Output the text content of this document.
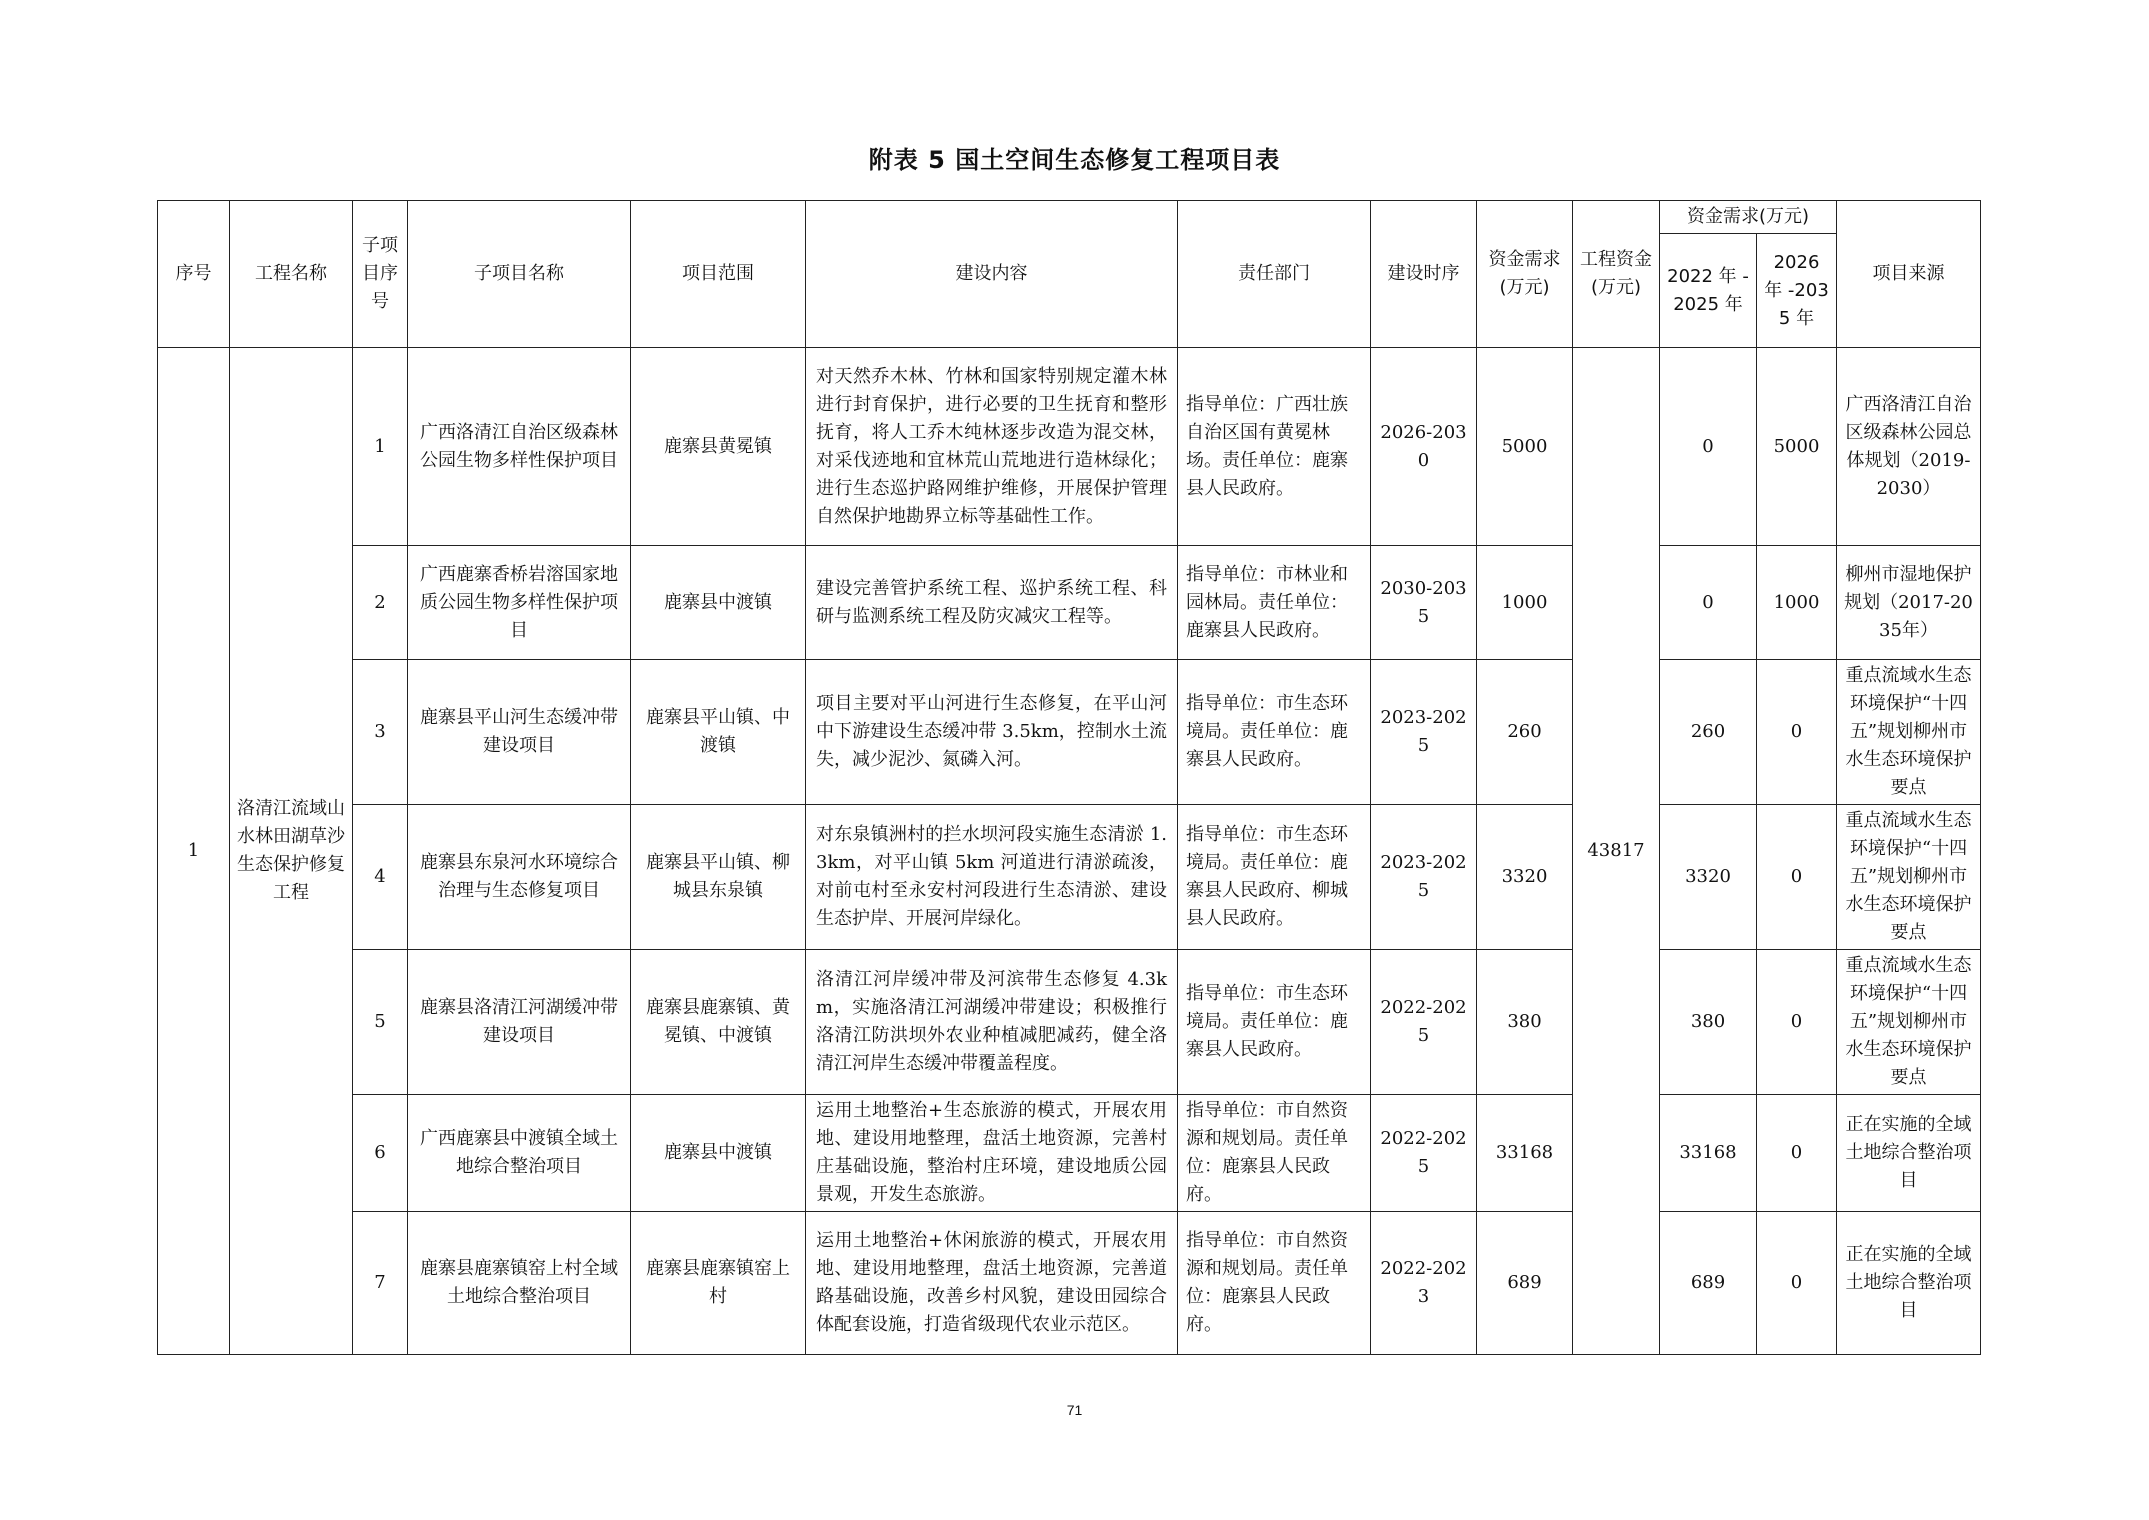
附表 5 国土空间生态修复工程项目表
序号	工程名称	子项目序号	子项目名称	项目范围	建设内容	责任部门	建设时序	资金需求(万元)	工程资金(万元)	资金需求(万元)		项目来源
										2022 年 -2025 年	2026 年 -2035 年	
1	洛清江流域山水林田湖草沙生态保护修复工程	1	广西洛清江自治区级森林公园生物多样性保护项目	鹿寨县黄冕镇	对天然乔木林、竹林和国家特别规定灌木林进行封育保护，进行必要的卫生抚育和整形抚育，将人工乔木纯林逐步改造为混交林，对采伐迹地和宜林荒山荒地进行造林绿化；进行生态巡护路网维护维修，开展保护管理自然保护地勘界立标等基础性工作。	指导单位：广西壮族自治区国有黄冕林场。责任单位：鹿寨县人民政府。	2026-2030	5000	43817	0	5000	广西洛清江自治区级森林公园总体规划（2019-2030）
		2	广西鹿寨香桥岩溶国家地质公园生物多样性保护项目	鹿寨县中渡镇	建设完善管护系统工程、巡护系统工程、科研与监测系统工程及防灾减灾工程等。	指导单位：市林业和园林局。责任单位：鹿寨县人民政府。	2030-2035	1000		0	1000	柳州市湿地保护规划（2017-2035年）
		3	鹿寨县平山河生态缓冲带建设项目	鹿寨县平山镇、中渡镇	项目主要对平山河进行生态修复，在平山河中下游建设生态缓冲带 3.5km，控制水土流失，减少泥沙、氮磷入河。	指导单位：市生态环境局。责任单位：鹿寨县人民政府。	2023-2025	260		260	0	重点流域水生态环境保护“十四五”规划柳州市水生态环境保护要点
		4	鹿寨县东泉河水环境综合治理与生态修复项目	鹿寨县平山镇、柳城县东泉镇	对东泉镇洲村的拦水坝河段实施生态清淤 1.3km，对平山镇 5km 河道进行清淤疏浚，对前屯村至永安村河段进行生态清淤、建设生态护岸、开展河岸绿化。	指导单位：市生态环境局。责任单位：鹿寨县人民政府、柳城县人民政府。	2023-2025	3320		3320	0	重点流域水生态环境保护“十四五”规划柳州市水生态环境保护要点
		5	鹿寨县洛清江河湖缓冲带建设项目	鹿寨县鹿寨镇、黄冕镇、中渡镇	洛清江河岸缓冲带及河滨带生态修复 4.3km，实施洛清江河湖缓冲带建设；积极推行洛清江防洪坝外农业种植减肥减药，健全洛清江河岸生态缓冲带覆盖程度。	指导单位：市生态环境局。责任单位：鹿寨县人民政府。	2022-2025	380		380	0	重点流域水生态环境保护“十四五”规划柳州市水生态环境保护要点
		6	广西鹿寨县中渡镇全域土地综合整治项目	鹿寨县中渡镇	运用土地整治+生态旅游的模式，开展农用地、建设用地整理，盘活土地资源，完善村庄基础设施，整治村庄环境，建设地质公园景观，开发生态旅游。	指导单位：市自然资源和规划局。责任单位：鹿寨县人民政府。	2022-2025	33168		33168	0	正在实施的全域土地综合整治项目
		7	鹿寨县鹿寨镇窑上村全域土地综合整治项目	鹿寨县鹿寨镇窑上村	运用土地整治+休闲旅游的模式，开展农用地、建设用地整理，盘活土地资源，完善道路基础设施，改善乡村风貌，建设田园综合体配套设施，打造省级现代农业示范区。	指导单位：市自然资源和规划局。责任单位：鹿寨县人民政府。	2022-2023	689		689	0	正在实施的全域土地综合整治项目
71
